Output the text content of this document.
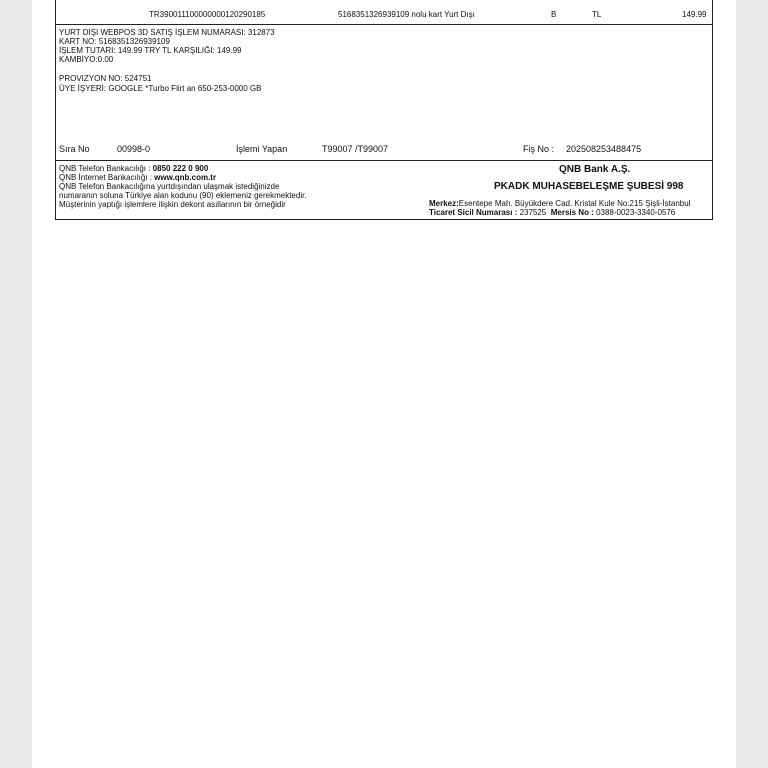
TR390011100000000120290185	5168351326939109 nolu kart Yurt Dışı	B	TL	149.99
YURT DIŞI WEBPOS 3D SATIŞ İŞLEM NUMARASI: 312873
KART NO: 5168351326939109
İŞLEM TUTARI: 149.99 TRY TL KARŞILIĞI: 149.99
KAMBİYO:0.00
PROVIZYON NO: 524751
ÜYE İŞYERİ: GOOGLE *Turbo Flirt an 650-253-0000 GB
Sıra No	00998-0	İşlemi Yapan	T99007 /T99007	Fiş No : 202508253488475
QNB Telefon Bankacılığı : 0850 222 0 900
QNB İnternet Bankacılığı : www.qnb.com.tr
QNB Telefon Bankacılığına yurtdışından ulaşmak istediğinizde
numaranın soluna Türkiye alan kodunu (90) eklemeniz gerekmektedir.
Müşterinin yaptığı işlemlere ilişkin dekont asıllarının bir örneğidir
QNB Bank A.Ş.
PKADK MUHASEBELEŞME ŞUBESİ 998
Merkez:Esentepe Mah. Büyükdere Cad. Kristal Kule No:215 Şişli-İstanbul
Ticaret Sicil Numarası : 237525 Mersis No : 0388-0023-3340-0576
